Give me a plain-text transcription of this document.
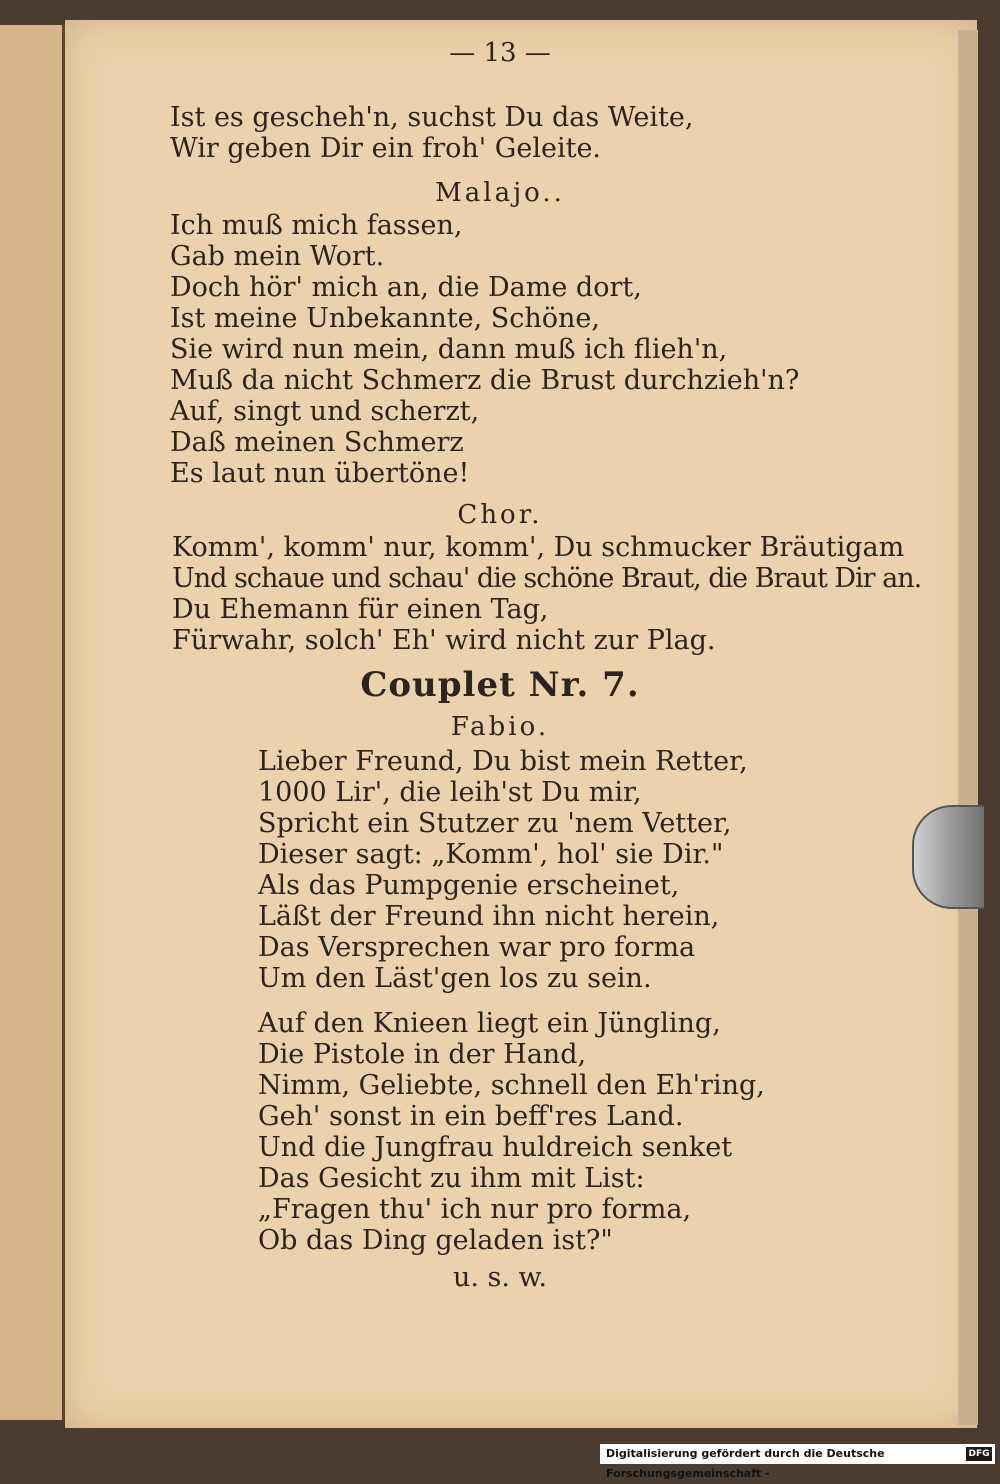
— 13 —
Ist es gescheh'n, suchst Du das Weite,
Wir geben Dir ein froh' Geleite.
Malajo..
Ich muß mich fassen,
Gab mein Wort.
Doch hör' mich an, die Dame dort,
Ist meine Unbekannte, Schöne,
Sie wird nun mein, dann muß ich flieh'n,
Muß da nicht Schmerz die Brust durchzieh'n?
Auf, singt und scherzt,
Daß meinen Schmerz
Es laut nun übertöne!
Chor.
Komm', komm' nur, komm', Du schmucker Bräutigam
Und schaue und schau' die schöne Braut, die Braut Dir an.
Du Ehemann für einen Tag,
Fürwahr, solch' Eh' wird nicht zur Plag.
Couplet Nr. 7.
Fabio.
Lieber Freund, Du bist mein Retter,
1000 Lir', die leih'st Du mir,
Spricht ein Stutzer zu 'nem Vetter,
Dieser sagt: „Komm', hol' sie Dir."
Als das Pumpgenie erscheinet,
Läßt der Freund ihn nicht herein,
Das Versprechen war pro forma
Um den Läst'gen los zu sein.
Auf den Knieen liegt ein Jüngling,
Die Pistole in der Hand,
Nimm, Geliebte, schnell den Eh'ring,
Geh' sonst in ein beff'res Land.
Und die Jungfrau huldreich senket
Das Gesicht zu ihm mit List:
„Fragen thu' ich nur pro forma,
Ob das Ding geladen ist?"
u. s. w.
Digitalisierung gefördert durch die Deutsche Forschungsgemeinschaft -
DFG
